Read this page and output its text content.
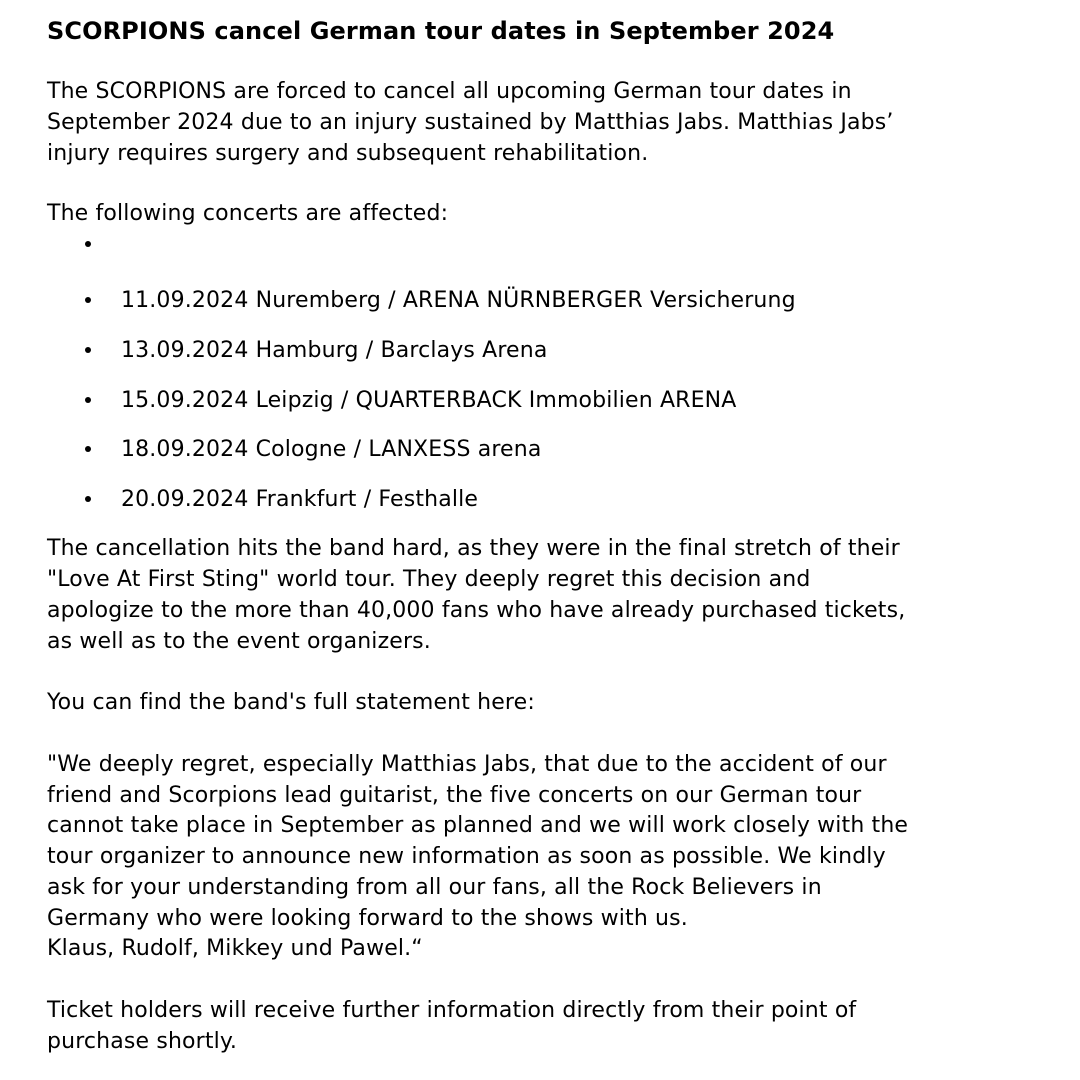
SCORPIONS cancel German tour dates in September 2024

The SCORPIONS are forced to cancel all upcoming German tour dates in
September 2024 due to an injury sustained by Matthias Jabs. Matthias Jabs’
injury requires surgery and subsequent rehabilitation.

The following concerts are affected:

11.09.2024 Nuremberg / ARENA NÜRNBERGER Versicherung
13.09.2024 Hamburg / Barclays Arena
15.09.2024 Leipzig / QUARTERBACK Immobilien ARENA
18.09.2024 Cologne / LANXESS arena
20.09.2024 Frankfurt / Festhalle

The cancellation hits the band hard, as they were in the final stretch of their
"Love At First Sting" world tour. They deeply regret this decision and
apologize to the more than 40,000 fans who have already purchased tickets,
as well as to the event organizers.

You can find the band's full statement here:

"We deeply regret, especially Matthias Jabs, that due to the accident of our
friend and Scorpions lead guitarist, the five concerts on our German tour
cannot take place in September as planned and we will work closely with the
tour organizer to announce new information as soon as possible. We kindly
ask for your understanding from all our fans, all the Rock Believers in
Germany who were looking forward to the shows with us.
Klaus, Rudolf, Mikkey und Pawel.“

Ticket holders will receive further information directly from their point of
purchase shortly.
